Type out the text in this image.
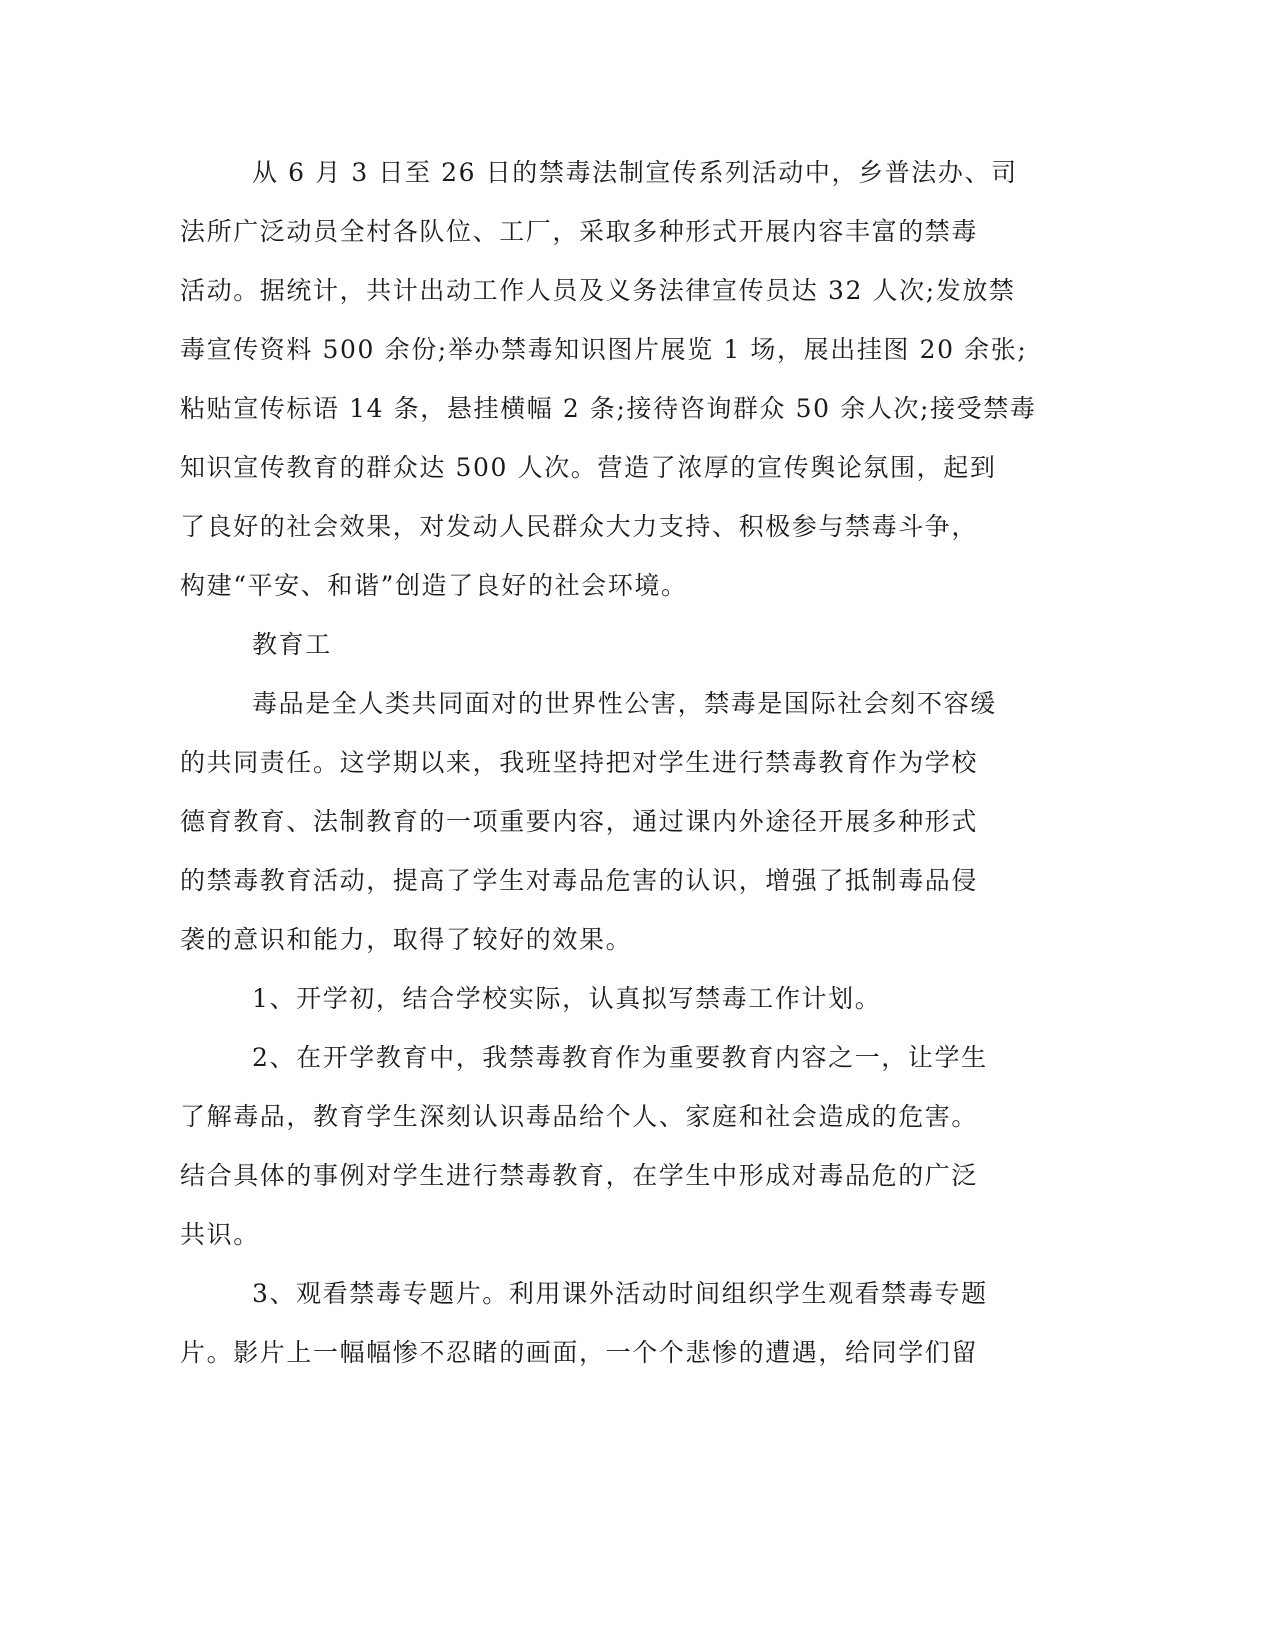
从 6 月 3 日至 26 日的禁毒法制宣传系列活动中，乡普法办、司
法所广泛动员全村各队位、工厂，采取多种形式开展内容丰富的禁毒
活动。据统计，共计出动工作人员及义务法律宣传员达 32 人次;发放禁
毒宣传资料 500 余份;举办禁毒知识图片展览 1 场，展出挂图 20 余张;
粘贴宣传标语 14 条，悬挂横幅 2 条;接待咨询群众 50 余人次;接受禁毒
知识宣传教育的群众达 500 人次。营造了浓厚的宣传舆论氛围，起到
了良好的社会效果，对发动人民群众大力支持、积极参与禁毒斗争，
构建“平安、和谐”创造了良好的社会环境。
教育工
毒品是全人类共同面对的世界性公害，禁毒是国际社会刻不容缓
的共同责任。这学期以来，我班坚持把对学生进行禁毒教育作为学校
德育教育、法制教育的一项重要内容，通过课内外途径开展多种形式
的禁毒教育活动，提高了学生对毒品危害的认识，增强了抵制毒品侵
袭的意识和能力，取得了较好的效果。
1、开学初，结合学校实际，认真拟写禁毒工作计划。
2、在开学教育中，我禁毒教育作为重要教育内容之一，让学生
了解毒品，教育学生深刻认识毒品给个人、家庭和社会造成的危害。
结合具体的事例对学生进行禁毒教育，在学生中形成对毒品危的广泛
共识。
3、观看禁毒专题片。利用课外活动时间组织学生观看禁毒专题
片。影片上一幅幅惨不忍睹的画面，一个个悲惨的遭遇，给同学们留
